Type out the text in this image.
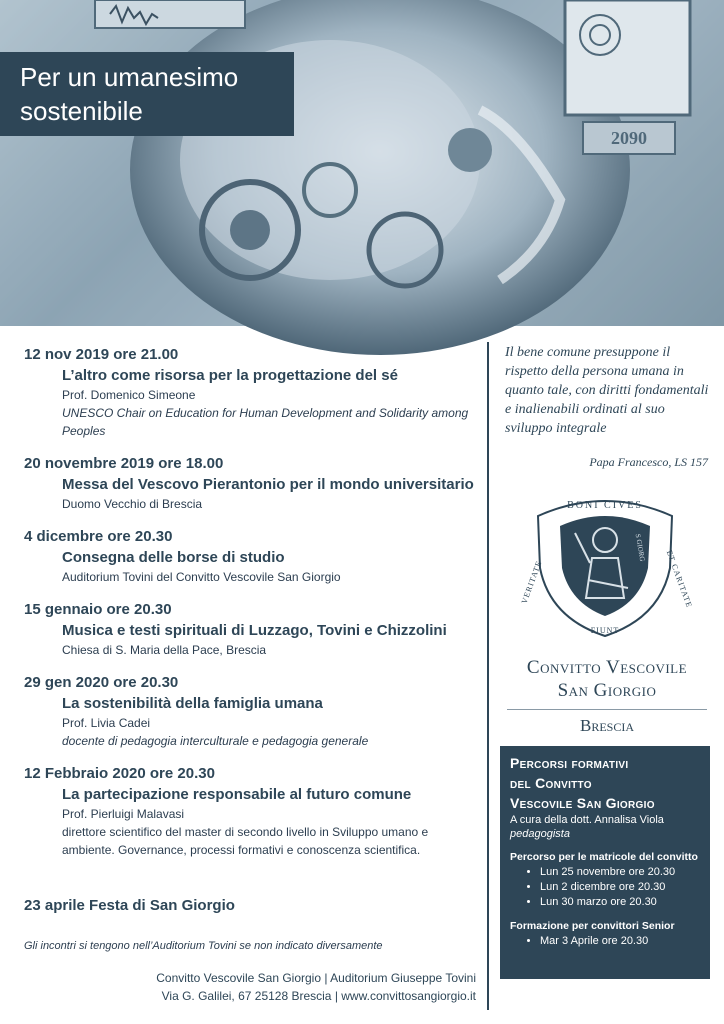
2090
Per un umanesimo
sostenibile
12 nov 2019 ore 21.00
L’altro come risorsa per la progettazione del sé
Prof. Domenico Simeone
UNESCO Chair on Education for Human Development and Solidarity among Peoples
20 novembre 2019 ore 18.00
Messa del Vescovo Pierantonio per il mondo universitario
Duomo Vecchio di Brescia
4 dicembre ore 20.30
Consegna delle borse di studio
Auditorium Tovini del Convitto Vescovile San Giorgio
15 gennaio ore 20.30
Musica e testi spirituali di Luzzago, Tovini e Chizzolini
Chiesa di S. Maria della Pace, Brescia
29 gen 2020 ore 20.30
La sostenibilità della famiglia umana
Prof. Livia Cadei
docente di pedagogia interculturale e pedagogia generale
12 Febbraio 2020 ore 20.30
La partecipazione responsabile al futuro comune
Prof. Pierluigi Malavasi
direttore scientifico del master di secondo livello in Sviluppo umano e ambiente. Governance, processi formativi e conoscenza scientifica.
23 aprile Festa di San Giorgio
Gli incontri si tengono nell’Auditorium Tovini se non indicato diversamente
Convitto Vescovile San Giorgio | Auditorium Giuseppe Tovini
Via G. Galilei, 67 25128 Brescia | www.convittosangiorgio.it
Il bene comune presuppone il rispetto della persona umana in quanto tale, con diritti fondamentali e inalienabili ordinati al suo sviluppo integrale
Papa Francesco, LS 157
BONI CIVES
VERITATE
FIUNT
ET CARITATE
S GIORG
Convitto Vescovile
San Giorgio
Brescia
Percorsi formativi
del Convitto
Vescovile San Giorgio
A cura della dott. Annalisa Viola
pedagogista
Percorso per le matricole del convitto
• Lun 25 novembre ore 20.30
• Lun 2 dicembre ore 20.30
• Lun 30 marzo ore 20.30
Formazione per convittori Senior
• Mar 3 Aprile ore 20.30
